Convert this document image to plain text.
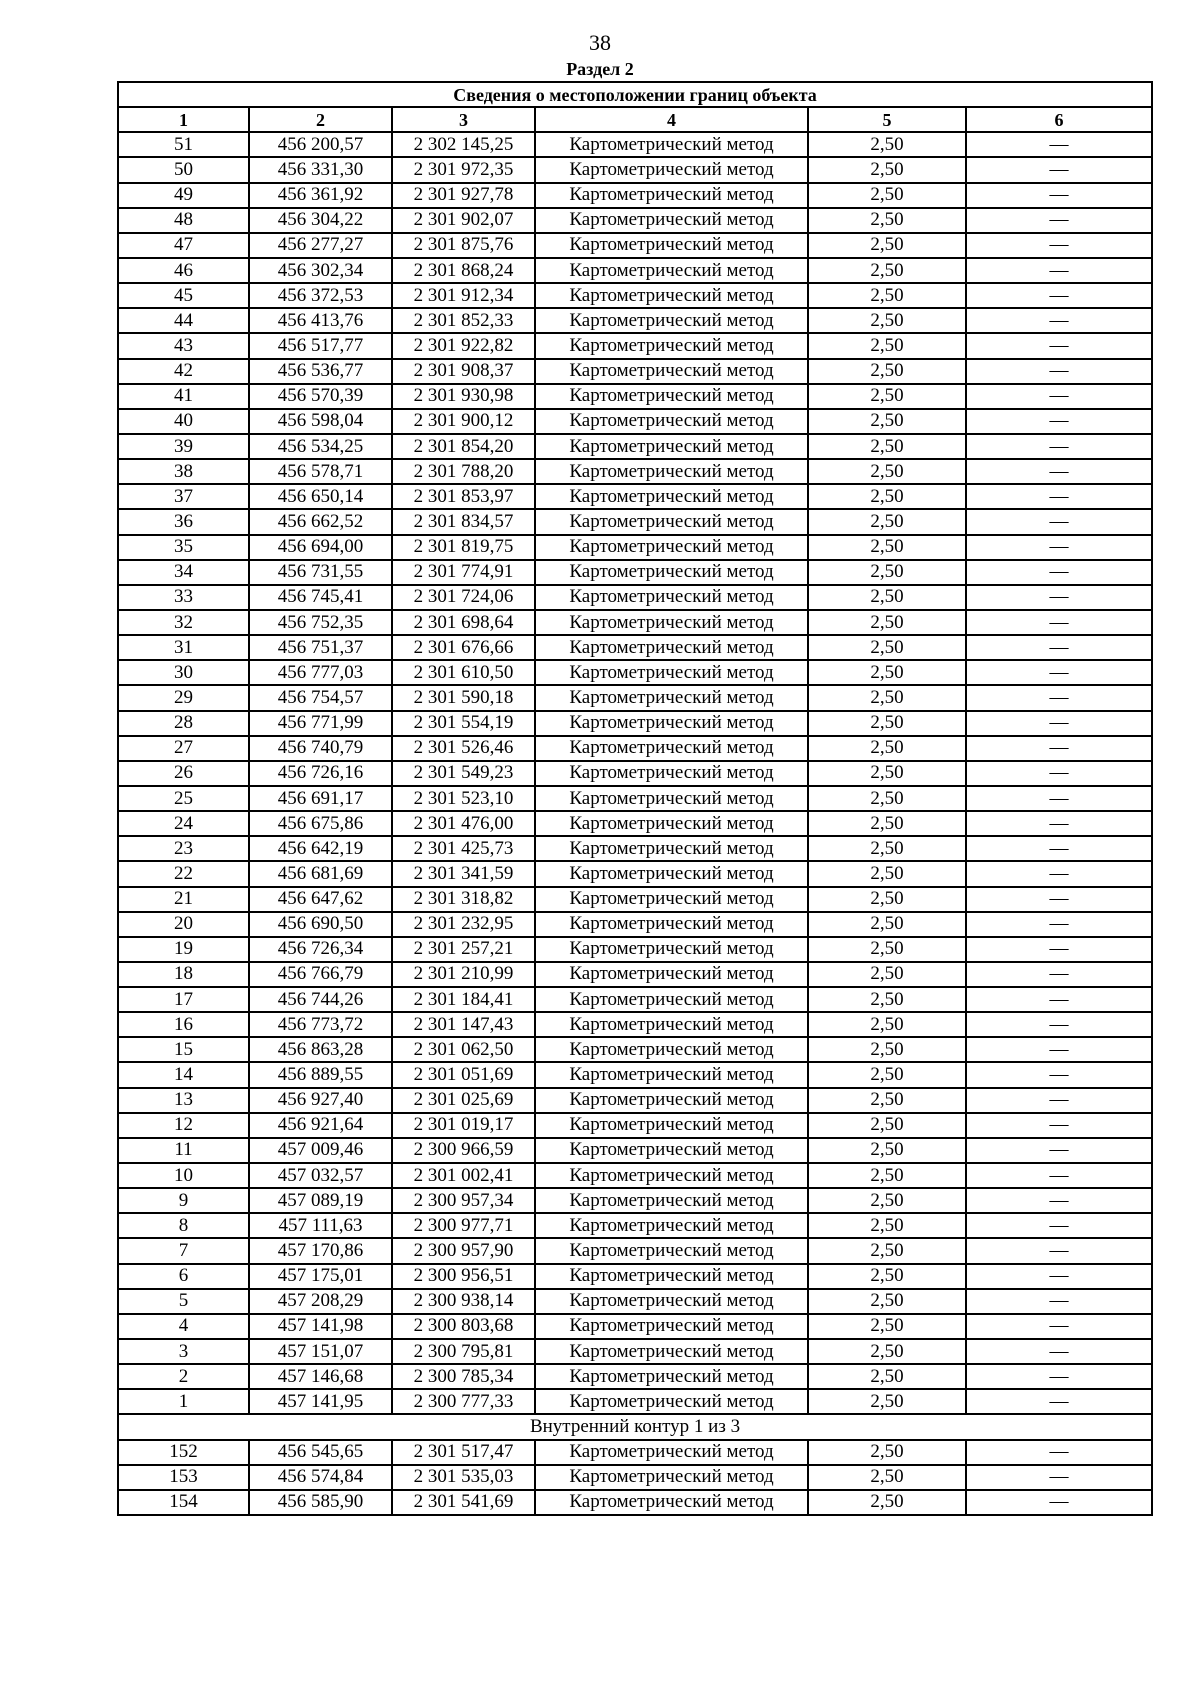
38
Раздел 2
Сведения о местоположении границ объекта					
1	2	3	4	5	6
51	456 200,57	2 302 145,25	Картометрический метод	2,50	—
50	456 331,30	2 301 972,35	Картометрический метод	2,50	—
49	456 361,92	2 301 927,78	Картометрический метод	2,50	—
48	456 304,22	2 301 902,07	Картометрический метод	2,50	—
47	456 277,27	2 301 875,76	Картометрический метод	2,50	—
46	456 302,34	2 301 868,24	Картометрический метод	2,50	—
45	456 372,53	2 301 912,34	Картометрический метод	2,50	—
44	456 413,76	2 301 852,33	Картометрический метод	2,50	—
43	456 517,77	2 301 922,82	Картометрический метод	2,50	—
42	456 536,77	2 301 908,37	Картометрический метод	2,50	—
41	456 570,39	2 301 930,98	Картометрический метод	2,50	—
40	456 598,04	2 301 900,12	Картометрический метод	2,50	—
39	456 534,25	2 301 854,20	Картометрический метод	2,50	—
38	456 578,71	2 301 788,20	Картометрический метод	2,50	—
37	456 650,14	2 301 853,97	Картометрический метод	2,50	—
36	456 662,52	2 301 834,57	Картометрический метод	2,50	—
35	456 694,00	2 301 819,75	Картометрический метод	2,50	—
34	456 731,55	2 301 774,91	Картометрический метод	2,50	—
33	456 745,41	2 301 724,06	Картометрический метод	2,50	—
32	456 752,35	2 301 698,64	Картометрический метод	2,50	—
31	456 751,37	2 301 676,66	Картометрический метод	2,50	—
30	456 777,03	2 301 610,50	Картометрический метод	2,50	—
29	456 754,57	2 301 590,18	Картометрический метод	2,50	—
28	456 771,99	2 301 554,19	Картометрический метод	2,50	—
27	456 740,79	2 301 526,46	Картометрический метод	2,50	—
26	456 726,16	2 301 549,23	Картометрический метод	2,50	—
25	456 691,17	2 301 523,10	Картометрический метод	2,50	—
24	456 675,86	2 301 476,00	Картометрический метод	2,50	—
23	456 642,19	2 301 425,73	Картометрический метод	2,50	—
22	456 681,69	2 301 341,59	Картометрический метод	2,50	—
21	456 647,62	2 301 318,82	Картометрический метод	2,50	—
20	456 690,50	2 301 232,95	Картометрический метод	2,50	—
19	456 726,34	2 301 257,21	Картометрический метод	2,50	—
18	456 766,79	2 301 210,99	Картометрический метод	2,50	—
17	456 744,26	2 301 184,41	Картометрический метод	2,50	—
16	456 773,72	2 301 147,43	Картометрический метод	2,50	—
15	456 863,28	2 301 062,50	Картометрический метод	2,50	—
14	456 889,55	2 301 051,69	Картометрический метод	2,50	—
13	456 927,40	2 301 025,69	Картометрический метод	2,50	—
12	456 921,64	2 301 019,17	Картометрический метод	2,50	—
11	457 009,46	2 300 966,59	Картометрический метод	2,50	—
10	457 032,57	2 301 002,41	Картометрический метод	2,50	—
9	457 089,19	2 300 957,34	Картометрический метод	2,50	—
8	457 111,63	2 300 977,71	Картометрический метод	2,50	—
7	457 170,86	2 300 957,90	Картометрический метод	2,50	—
6	457 175,01	2 300 956,51	Картометрический метод	2,50	—
5	457 208,29	2 300 938,14	Картометрический метод	2,50	—
4	457 141,98	2 300 803,68	Картометрический метод	2,50	—
3	457 151,07	2 300 795,81	Картометрический метод	2,50	—
2	457 146,68	2 300 785,34	Картометрический метод	2,50	—
1	457 141,95	2 300 777,33	Картометрический метод	2,50	—
Внутренний контур 1 из 3					
152	456 545,65	2 301 517,47	Картометрический метод	2,50	—
153	456 574,84	2 301 535,03	Картометрический метод	2,50	—
154	456 585,90	2 301 541,69	Картометрический метод	2,50	—
